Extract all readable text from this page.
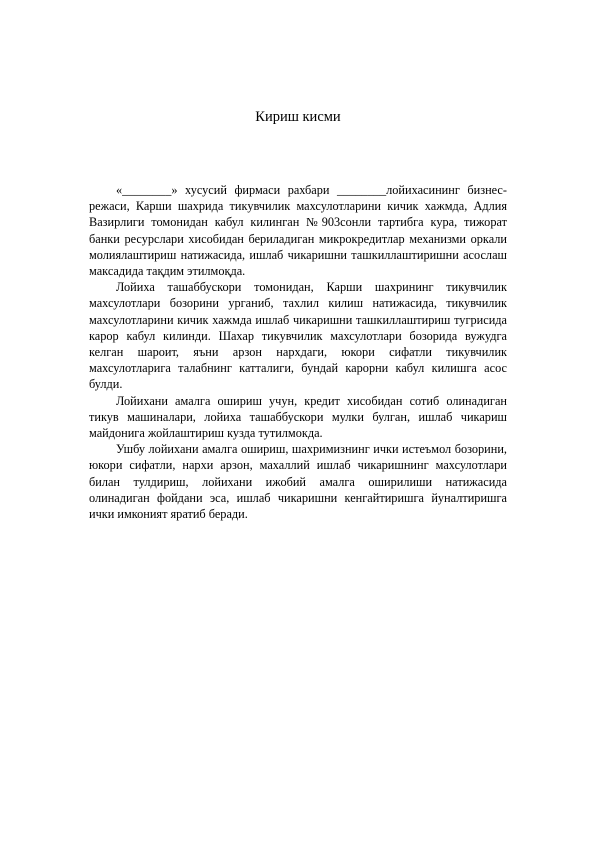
Кириш кисми

«________» хусусий фирмаси рахбари ________лойихасининг бизнес-режаси, Карши шахрида тикувчилик махсулотларини кичик хажмда, Адлия Вазирлиги томонидан кабул килинган №903сонли тартибга кура, тижорат банки ресурслари хисобидан бериладиган микрокредитлар механизми оркали молиялаштириш натижасида, ишлаб чикаришни ташкиллаштиришни асослаш максадида тақдим этилмоқда.

Лойиха ташаббускори томонидан, Карши шахрининг тикувчилик махсулотлари бозорини урганиб, тахлил килиш натижасида, тикувчилик махсулотларини кичик хажмда ишлаб чикаришни ташкиллаштириш тугрисида карор кабул килинди. Шахар тикувчилик махсулотлари бозорида вужудга келган шароит, яъни арзон нархдаги, юкори сифатли тикувчилик махсулотларига талабнинг катталиги, бундай карорни кабул килишга асос булди.

Лойихани амалга ошириш учун, кредит хисобидан сотиб олинадиган тикув машиналари, лойиха ташаббускори мулки булган, ишлаб чикариш майдонига жойлаштириш кузда тутилмокда.

Ушбу лойихани амалга ошириш, шахримизнинг ички истеъмол бозорини, юкори сифатли, нархи арзон, махаллий ишлаб чикаришнинг махсулотлари билан тулдириш, лойихани ижобий амалга оширилиши натижасида олинадиган фойдани эса, ишлаб чикаришни кенгайтиришга йуналтиришга ички имконият яратиб беради.
